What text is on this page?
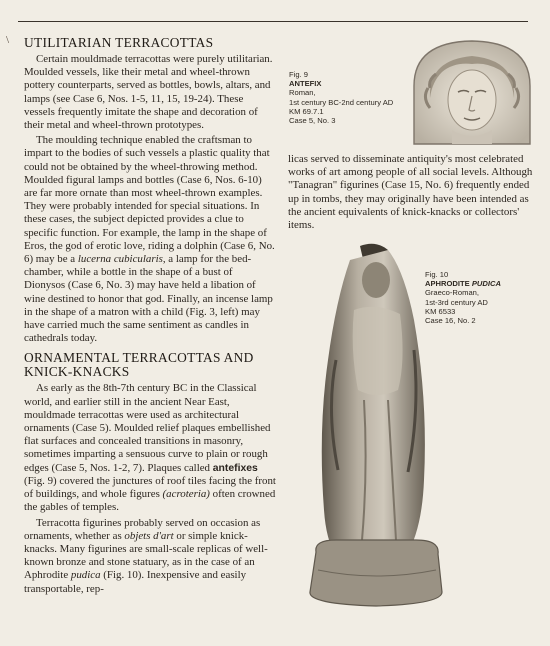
\ UTILITARIAN TERRACOTTAS

Certain mouldmade terracottas were purely utilitarian. Moulded vessels, like their metal and wheel-thrown pottery counterparts, served as bottles, bowls, altars, and lamps (see Case 6, Nos. 1-5, 11, 15, 19-24). These vessels frequently imitate the shape and decoration of their metal and wheel-thrown prototypes.

The moulding technique enabled the craftsman to impart to the bodies of such vessels a plastic quality that could not be obtained by the wheel-throwing method. Moulded figural lamps and bottles (Case 6, Nos. 6-10) are far more ornate than most wheel-thrown examples. They were probably intended for special situations. In these cases, the subject depicted provides a clue to specific function. For example, the lamp in the shape of Eros, the god of erotic love, riding a dolphin (Case 6, No. 6) may be a lucerna cubicularis, a lamp for the bed-chamber, while a bottle in the shape of a bust of Dionysos (Case 6, No. 3) may have held a libation of wine destined to honor that god. Finally, an incense lamp in the shape of a matron with a child (Fig. 3, left) may have carried much the same sentiment as candles in cathedrals today.

ORNAMENTAL TERRACOTTAS AND KNICK-KNACKS

As early as the 8th-7th century BC in the Classical world, and earlier still in the ancient Near East, mouldmade terracottas were used as architectural ornaments (Case 5). Moulded relief plaques embellished flat surfaces and concealed transitions in masonry, sometimes imparting a sensuous curve to plain or rough edges (Case 5, Nos. 1-2, 7). Plaques called antefixes (Fig. 9) covered the junctures of roof tiles facing the front of buildings, and whole figures (acroteria) often crowned the gables of temples.

Terracotta figurines probably served on occasion as ornaments, whether as objets d'art or simple knick-knacks. Many figurines are small-scale replicas of well-known bronze and stone statuary, as in the case of an Aphrodite pudica (Fig. 10). Inexpensive and easily transportable, rep-

licas served to disseminate antiquity's most celebrated works of art among people of all social levels. Although "Tanagran" figurines (Case 15, No. 6) frequently ended up in tombs, they may originally have been intended as the ancient equivalents of knick-knacks or collectors' items.

Fig. 9
ANTEFIX
Roman,
1st century BC-2nd century AD
KM 69.7.1
Case 5, No. 3
Fig. 10
APHRODITE PUDICA
Graeco-Roman,
1st-3rd century AD
KM 6533
Case 16, No. 2
